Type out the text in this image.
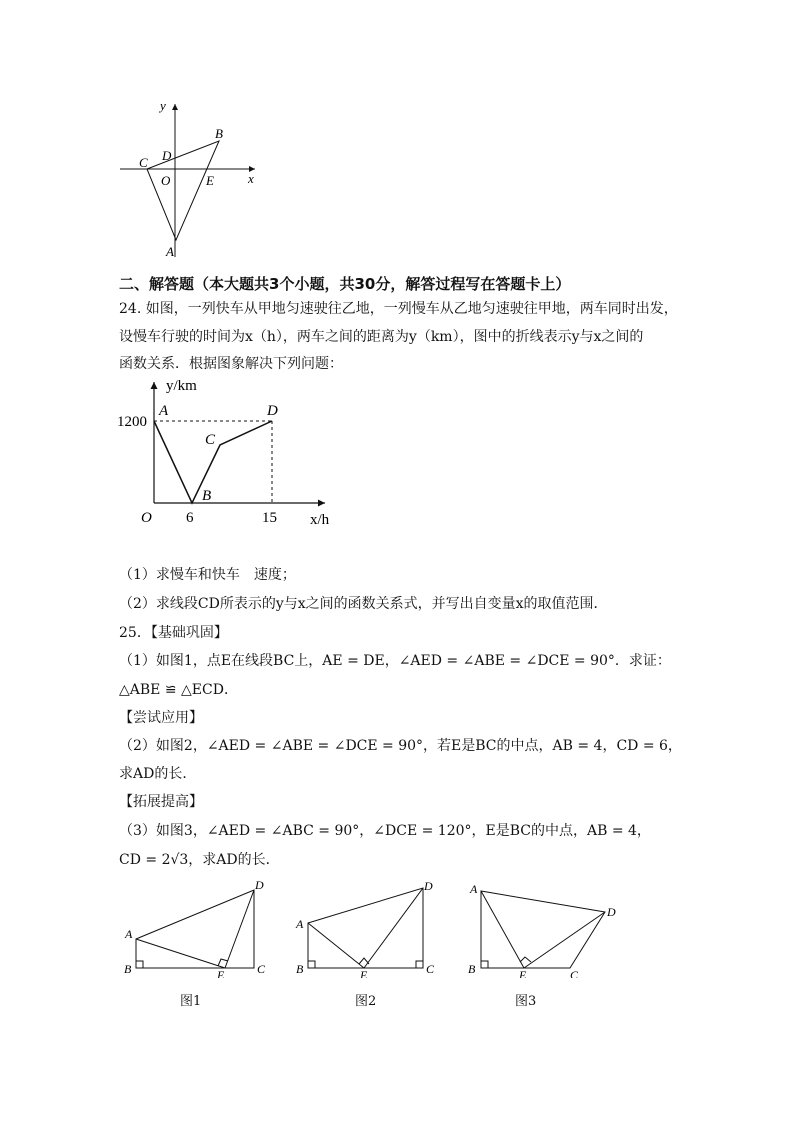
y
x
B
C D
O	E
A
二、解答题（本大题共3个小题，共30分，解答过程写在答题卡上）
24. 如图，一列快车从甲地匀速驶往乙地，一列慢车从乙地匀速驶往甲地，两车同时出发，
设慢车行驶的时间为x（h），两车之间的距离为y（km），图中的折线表示y与x之间的
函数关系．根据图象解决下列问题：
y/km
x/h
O
1200
6	15
A
B
C
D
（1）求慢车和快车　速度；
（2）求线段CD所表示的y与x之间的函数关系式，并写出自变量x的取值范围．
25．【基础巩固】
（1）如图1，点E在线段BC上，AE = DE，∠AED = ∠ABE = ∠DCE = 90°．求证：
△ABE ≌ △ECD．
【尝试应用】
（2）如图2，∠AED = ∠ABE = ∠DCE = 90°，若E是BC的中点，AB = 4，CD = 6，
求AD的长．
【拓展提高】
（3）如图3，∠AED = ∠ABC = 90°，∠DCE = 120°，E是BC的中点，AB = 4，
CD = 2√3，求AD的长．
A
B	C
D
E
图1
A
B	C
D
E
图2
A
B	C
D
E
图3
